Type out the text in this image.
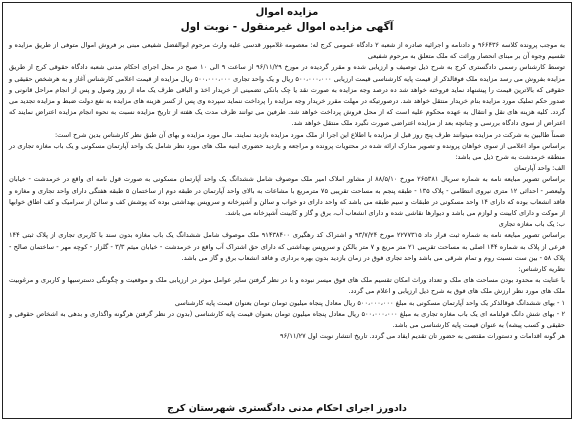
مزایده اموال
آگهی مزایده اموال غیرمنقول - نوبت اول

به موجب پرونده کلاسه ۹۶۶۴۳۶ و دادنامه و اجرائیه صادره از شعبه ۲ دادگاه عمومی کرج له: معصومه غلامپور قدسی علیه وارث مرحوم ابوالفضل شفیعی مبنی بر فروش اموال متوفی از طریق مزایده و تقسیم وجوه آن بر مبنای انحصار وراثت که ملک متعلق به مرحوم شفیعی

توسط کارشناس رسمی دادگستری کرج به شرح ذیل توصیف و ارزیابی شده و مقرر گردیده در مورخ ۹۶/۱۱/۲۹ از ساعت ۹ الی ۱۰ صبح در محل اجرای احکام مدنی شعبه دادگاه حقوقی کرج از طریق مزایده بفروش می رسد مزایده ملک فوقالذکر از قیمت پایه کارشناسی قیمت ارزیابی ۵۰۰،۰۰۰،۰۰۰ ریال و یک واحد تجاری ۵۰۰،۰۰۰،۰۰۰ ریال مزایده از قیمت اعلامی کارشناس آغاز و به هرشخص حقیقی و حقوقی که بالاترین قیمت را پیشنهاد نماید فروخته خواهد شد ده درصد وجه مزایده به صورت نقد یا چک بانکی تضمینی از خریدار اخذ و الباقی ظرف یک ماه از روز وصول و پس از انجام مراحل قانونی و صدور حکم تملیک مورد مزایده بنام خریدار منتقل خواهد شد. درصورتیکه در مهلت مقرر خریدار وجه مزایده را پرداخت ننماید سپرده وی پس از کسر هزینه های مزایده به نفع دولت ضبط و مزایده تجدید می گردد. کلیه هزینه های نقل و انتقال به عهده محکوم علیه است که از محل فروش پرداخت خواهد شد. طرفین می توانند ظرف مدت یک هفته از تاریخ مزایده نسبت به نحوه انجام مزایده اعتراض نمایند که اعتراض از سوی دادگاه بررسی و چنانچه بعد از مزایده اعتراضی صورت نگیرد ملک منتقل خواهد شد.

ضمناً طالبین به شرکت در مزایده میتوانند ظرف پنج روز قبل از مزایده با اطلاع این اجرا از ملک مورد مزایده بازدید نمایند. مال مورد مزایده و بهای آن طبق نظر کارشناس بدین شرح است:

براساس مواد اعلامی از سوی خواهان پرونده و تصویر مدارک ارائه شده در محتویات پرونده و مراجعه و بازدید حضوری ابنیه ملک های مورد نظر شامل یک واحد آپارتمان مسکونی و یک باب مغازه تجاری در منطقه خرمدشت به شرح ذیل می باشد:

الف: واحد آپارتمان

براساس تصویر مبایعه نامه به شماره سریال ۲۶۵۳۸۱ مورخ ۸۸/۵/۱۰ از مشاور املاک امیر ملک موصوف شامل ششدانگ یک واحد آپارتمان مسکونی به صورت قول نامه ای واقع در خرمدشت - خیابان ولیعصر - احداثی ۱۲ متری نیروی انتظامی - پلاک ۱۳۵ - طبقه پنجم به مساحت تقریبی ۷۵ مترمربع با مشاعات به بالای واحد آپارتمان در طبقه دوم از ساختمان ۵ طبقه هفتگی دارای واحد تجاری و مغازه و فاقد انشعاب بوده که دارای ۱۴ واحد مسکونی در طبقات و سیم طبقه می باشد که واحد دارای دو خواب و سالن و آشپزخانه و سرویس بهداشتی بوده که پوشش کف و سالن از سرامیک و کف اطاق خوابها از موکت و دارای کابینت و لوازم می باشد و دیوارها نقاشی شده و دارای انشعاب آب، برق و گاز و کابینت آشپزخانه می باشد.

ب: یک باب مغازه تجاری

براساس تصویر مبایعه نامه به شماره ثبت قرار داد ۲۲۷۷۳۱۵ مورخ ۹۳/۷/۲۴ و اشتراک کد رهگیری ۹۱۴۳۸۴۰۰ ملک موصوف شامل ششدانگ یک باب مغازه بدون سند با کاربری تجاری از پلاک ثبتی ۱۴۴ فرعی از پلاک به شماره ۱۴۴ اصلی به مساحت تقریبی ۲۱ متر مربع و ۷ متر بالکن و سرویس بهداشتی که دارای حق اشتراک آب واقع در خرمدشت - خیابان میثم ۳/۳ - گلزار - کوچه مهر - ساختمان صالح - پلاک ۵۸ - بین ست نسبت روم و تمام شرقی می باشد واحد تجاری فوق در زمان بازدید بدون بهره برداری و فاقد انشعاب برق و گاز می باشد.

نظریه کارشناس:

با عنایت به محدود بودن مساحت های ملک و تعداد وراث امکان تقسیم ملک های فوق میسر نبوده و با در نظر گرفتن سایر عوامل موثر در ارزیابی ملک و موقعیت و چگونگی دسترسیها و کاربری و مرغوبیت ملک های مورد نظر ارزش ملک های فوق به شرح ذیل ارزیابی و اعلام می گردد.

۱ - بهای ششدانگ فوقالذکر یک واحد آپارتمان مسکونی به مبلغ ۵۰۰،۰۰۰،۰۰۰ ریال معادل پنجاه میلیون تومان تومان بعنوان قیمت پایه کارشناسی

۲ - بهای شش دانگ قولنامه ای یک باب مغازه تجاری به مبلغ ۵۰۰،۰۰۰،۰۰۰ ریال معادل پنجاه میلیون تومان بعنوان قیمت پایه کارشناسی (بدون در نظر گرفتن هرگونه واگذاری و بدهی به اشخاص حقوقی و حقیقی و کسب پیشه) به عنوان قیمت پایه کارشناسی می باشد.

هر گونه اقدامات و دستورات مقتضی به حضور تان تقدیم ایفاد می گردد. تاریخ انتشار نوبت اول ۹۶/۱۱/۲۷

دادورز اجرای احکام مدنی دادگستری شهرستان کرج
